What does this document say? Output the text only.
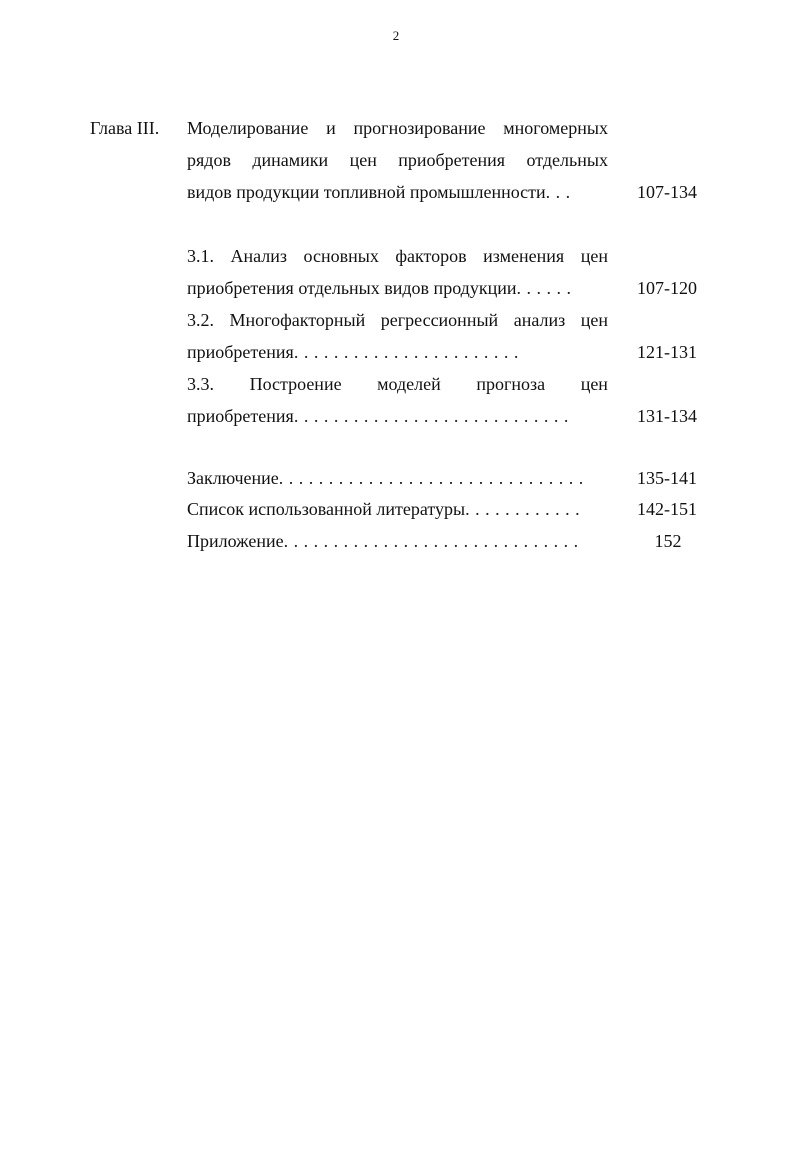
2
Глава III. Моделирование и прогнозирование многомерных
рядов динамики цен приобретения отдельных
видов продукции топливной промышленности . . .	107-134
3.1. Анализ основных факторов изменения цен
приобретения отдельных видов продукции . . . . . .	107-120
3.2. Многофакторный регрессионный анализ цен
приобретения . . . . . . . . . . . . . . . . . . . . . . .	121-131
3.3. Построение моделей прогноза цен
приобретения . . . . . . . . . . . . . . . . . . . . . . . . . . . .	131-134
Заключение . . . . . . . . . . . . . . . . . . . . . . . . . . . . . . .	135-141
Список использованной литературы . . . . . . . . . . . .	142-151
Приложение . . . . . . . . . . . . . . . . . . . . . . . . . . . . . .	152
